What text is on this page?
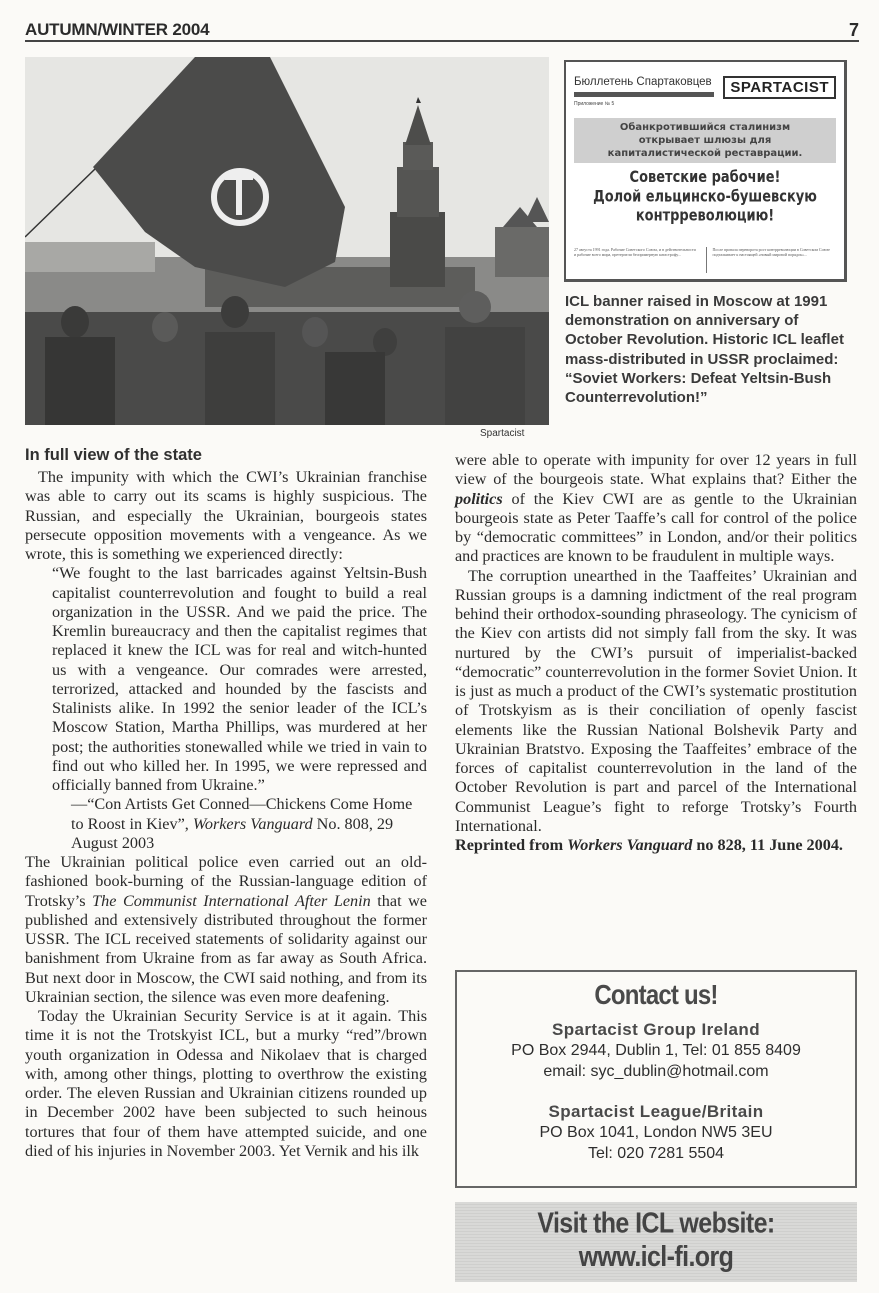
AUTUMN/WINTER 2004	7
Spartacist
Бюллетень Спартаковцев
Приложение № 5
SPARTACIST
Обанкротившийся сталинизм
открывает шлюзы для
капиталистической реставрации.
Советские рабочие!
Долой ельцинско-бушевскую
контрреволюцию!
27 августа 1991 года. Рабочие Советского Союза, и в действительности и рабочие всего мира, претерпели беспримерную катастрофу...
После провала переворота рост контрреволюции в Советском Союзе подталкивает к настоящей «новый мировой порядок»...
ICL banner raised in Moscow at 1991 demonstration on anniversary of October Revolution. Historic ICL leaflet mass-distributed in USSR proclaimed: “Soviet Workers: Defeat Yeltsin-Bush Counterrevolution!”
In full view of the state

The impunity with which the CWI’s Ukrainian franchise was able to carry out its scams is highly suspicious. The Russian, and especially the Ukrainian, bourgeois states persecute opposition movements with a vengeance. As we wrote, this is something we experienced directly:

“We fought to the last barricades against Yeltsin-Bush capitalist counterrevolution and fought to build a real organization in the USSR. And we paid the price. The Kremlin bureaucracy and then the capitalist regimes that replaced it knew the ICL was for real and witch-hunted us with a vengeance. Our comrades were arrested, terrorized, attacked and hounded by the fascists and Stalinists alike. In 1992 the senior leader of the ICL’s Moscow Station, Martha Phillips, was murdered at her post; the authorities stonewalled while we tried in vain to find out who killed her. In 1995, we were repressed and officially banned from Ukraine.”

—“Con Artists Get Conned—Chickens Come Home to Roost in Kiev”, Workers Vanguard No. 808, 29 August 2003

The Ukrainian political police even carried out an old-fashioned book-burning of the Russian-language edition of Trotsky’s The Communist International After Lenin that we published and extensively distributed throughout the former USSR. The ICL received statements of solidarity against our banishment from Ukraine from as far away as South Africa. But next door in Moscow, the CWI said nothing, and from its Ukrainian section, the silence was even more deafening.

Today the Ukrainian Security Service is at it again. This time it is not the Trotskyist ICL, but a murky “red”/brown youth organization in Odessa and Nikolaev that is charged with, among other things, plotting to overthrow the existing order. The eleven Russian and Ukrainian citizens rounded up in December 2002 have been subjected to such heinous tortures that four of them have attempted suicide, and one died of his injuries in November 2003. Yet Vernik and his ilk

were able to operate with impunity for over 12 years in full view of the bourgeois state. What explains that? Either the politics of the Kiev CWI are as gentle to the Ukrainian bourgeois state as Peter Taaffe’s call for control of the police by “democratic committees” in London, and/or their politics and practices are known to be fraudulent in multiple ways.

The corruption unearthed in the Taaffeites’ Ukrainian and Russian groups is a damning indictment of the real program behind their orthodox-sounding phraseology. The cynicism of the Kiev con artists did not simply fall from the sky. It was nurtured by the CWI’s pursuit of imperialist-backed “democratic” counterrevolution in the former Soviet Union. It is just as much a product of the CWI’s systematic prostitution of Trotskyism as is their conciliation of openly fascist elements like the Russian National Bolshevik Party and Ukrainian Bratstvo. Exposing the Taaffeites’ embrace of the forces of capitalist counterrevolution in the land of the October Revolution is part and parcel of the International Communist League’s fight to reforge Trotsky’s Fourth International.

Reprinted from Workers Vanguard no 828, 11 June 2004.

Contact us!
Spartacist Group Ireland
PO Box 2944, Dublin 1, Tel: 01 855 8409
email: syc_dublin@hotmail.com
Spartacist League/Britain
PO Box 1041, London NW5 3EU
Tel: 020 7281 5504
Visit the ICL website:
www.icl-fi.org
